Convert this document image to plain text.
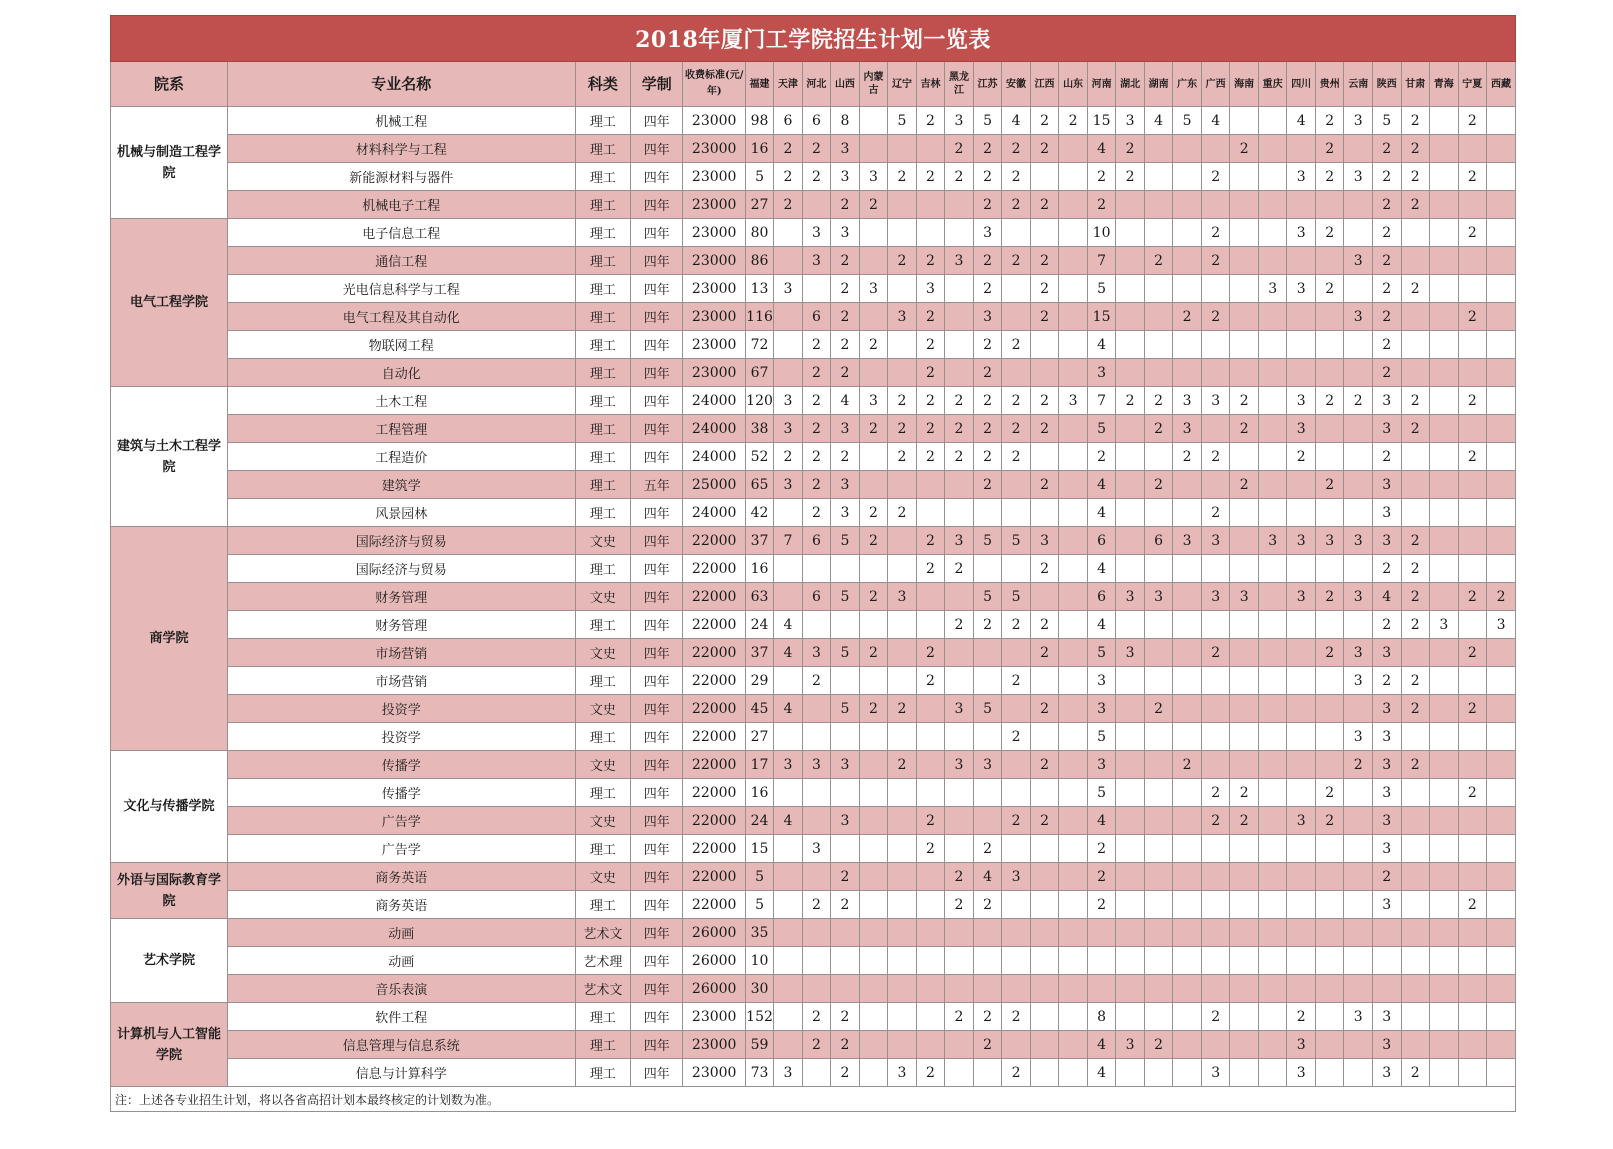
2018年厦门工学院招生计划一览表																															
院系	专业名称	科类	学制	收费标准(元/年)	福建	天津	河北	山西	内蒙古	辽宁	吉林	黑龙江	江苏	安徽	江西	山东	河南	湖北	湖南	广东	广西	海南	重庆	四川	贵州	云南	陕西	甘肃	青海	宁夏	西藏
机械与制造工程学院	机械工程	理工	四年	23000	98	6	6	8		5	2	3	5	4	2	2	15	3	4	5	4			4	2	3	5	2		2	
	材料科学与工程	理工	四年	23000	16	2	2	3				2	2	2	2		4	2				2			2		2	2			
	新能源材料与器件	理工	四年	23000	5	2	2	3	3	2	2	2	2	2			2	2			2			3	2	3	2	2		2	
	机械电子工程	理工	四年	23000	27	2		2	2				2	2	2		2										2	2			
电气工程学院	电子信息工程	理工	四年	23000	80		3	3					3				10				2			3	2		2			2	
	通信工程	理工	四年	23000	86		3	2		2	2	3	2	2	2		7		2		2					3	2				
	光电信息科学与工程	理工	四年	23000	13	3		2	3		3		2		2		5						3	3	2		2	2			
	电气工程及其自动化	理工	四年	23000	116		6	2		3	2		3		2		15			2	2					3	2			2	
	物联网工程	理工	四年	23000	72		2	2	2		2		2	2			4										2				
	自动化	理工	四年	23000	67		2	2			2		2				3										2				
建筑与土木工程学院	土木工程	理工	四年	24000	120	3	2	4	3	2	2	2	2	2	2	3	7	2	2	3	3	2		3	2	2	3	2		2	
	工程管理	理工	四年	24000	38	3	2	3	2	2	2	2	2	2	2		5		2	3		2		3			3	2			
	工程造价	理工	四年	24000	52	2	2	2		2	2	2	2	2			2			2	2			2			2			2	
	建筑学	理工	五年	25000	65	3	2	3					2		2		4		2			2			2		3				
	风景园林	理工	四年	24000	42		2	3	2	2							4				2						3				
商学院	国际经济与贸易	文史	四年	22000	37	7	6	5	2		2	3	5	5	3		6		6	3	3		3	3	3	3	3	2			
	国际经济与贸易	理工	四年	22000	16						2	2			2		4										2	2			
	财务管理	文史	四年	22000	63		6	5	2	3			5	5			6	3	3		3	3		3	2	3	4	2		2	2
	财务管理	理工	四年	22000	24	4						2	2	2	2		4										2	2	3		3
	市场营销	文史	四年	22000	37	4	3	5	2		2				2		5	3			2				2	3	3			2	
	市场营销	理工	四年	22000	29		2				2			2			3									3	2	2			
	投资学	文史	四年	22000	45	4		5	2	2		3	5		2		3		2								3	2		2	
	投资学	理工	四年	22000	27									2			5									3	3				
文化与传播学院	传播学	文史	四年	22000	17	3	3	3		2		3	3		2		3			2						2	3	2			
	传播学	理工	四年	22000	16												5				2	2			2		3			2	
	广告学	文史	四年	22000	24	4		3			2			2	2		4				2	2		3	2		3				
	广告学	理工	四年	22000	15		3				2		2				2										3				
外语与国际教育学院	商务英语	文史	四年	22000	5			2				2	4	3			2										2				
	商务英语	理工	四年	22000	5		2	2				2	2				2										3			2	
艺术学院	动画	艺术文	四年	26000	35																										
	动画	艺术理	四年	26000	10																										
	音乐表演	艺术文	四年	26000	30																										
计算机与人工智能学院	软件工程	理工	四年	23000	152		2	2				2	2	2			8				2			2		3	3				
	信息管理与信息系统	理工	四年	23000	59		2	2					2				4	3	2					3			3				
	信息与计算科学	理工	四年	23000	73	3		2		3	2			2			4				3			3			3	2			
注：上述各专业招生计划，将以各省高招计划本最终核定的计划数为准。																															
